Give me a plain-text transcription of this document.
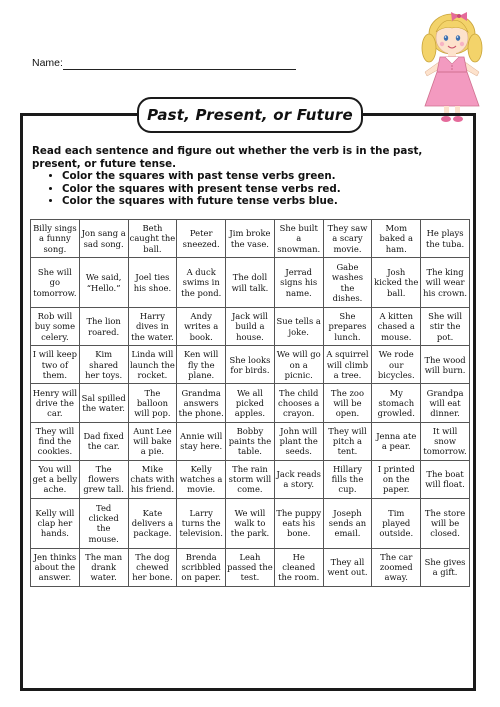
Name:
Past, Present, or Future
Read each sentence and figure out whether the verb is in the past, present, or future tense.
• Color the squares with past tense verbs green.
• Color the squares with present tense verbs red.
• Color the squares with future tense verbs blue.
Billy sings a funny song.	Jon sang a sad song.	Beth caught the ball.	Peter sneezed.	Jim broke the vase.	She built a snowman.	They saw a scary movie.	Mom baked a ham.	He plays the tuba.
She will go tomorrow.	We said, “Hello.”	Joel ties his shoe.	A duck swims in the pond.	The doll will talk.	Jerrad signs his name.	Gabe washes the dishes.	Josh kicked the ball.	The king will wear his crown.
Rob will buy some celery.	The lion roared.	Harry dives in the water.	Andy writes a book.	Jack will build a house.	Sue tells a joke.	She prepares lunch.	A kitten chased a mouse.	She will stir the pot.
I will keep two of them.	Kim shared her toys.	Linda will launch the rocket.	Ken will fly the plane.	She looks for birds.	We will go on a picnic.	A squirrel will climb a tree.	We rode our bicycles.	The wood will burn.
Henry will drive the car.	Sal spilled the water.	The balloon will pop.	Grandma answers the phone.	We all picked apples.	The child chooses a crayon.	The zoo will be open.	My stomach growled.	Grandpa will eat dinner.
They will find the cookies.	Dad fixed the car.	Aunt Lee will bake a pie.	Annie will stay here.	Bobby paints the table.	John will plant the seeds.	They will pitch a tent.	Jenna ate a pear.	It will snow tomorrow.
You will get a belly ache.	The flowers grew tall.	Mike chats with his friend.	Kelly watches a movie.	The rain storm will come.	Jack reads a story.	Hillary fills the cup.	I printed on the paper.	The boat will float.
Kelly will clap her hands.	Ted clicked the mouse.	Kate delivers a package.	Larry turns the television.	We will walk to the park.	The puppy eats his bone.	Joseph sends an email.	Tim played outside.	The store will be closed.
Jen thinks about the answer.	The man drank water.	The dog chewed her bone.	Brenda scribbled on paper.	Leah passed the test.	He cleaned the room.	They all went out.	The car zoomed away.	She gives a gift.
